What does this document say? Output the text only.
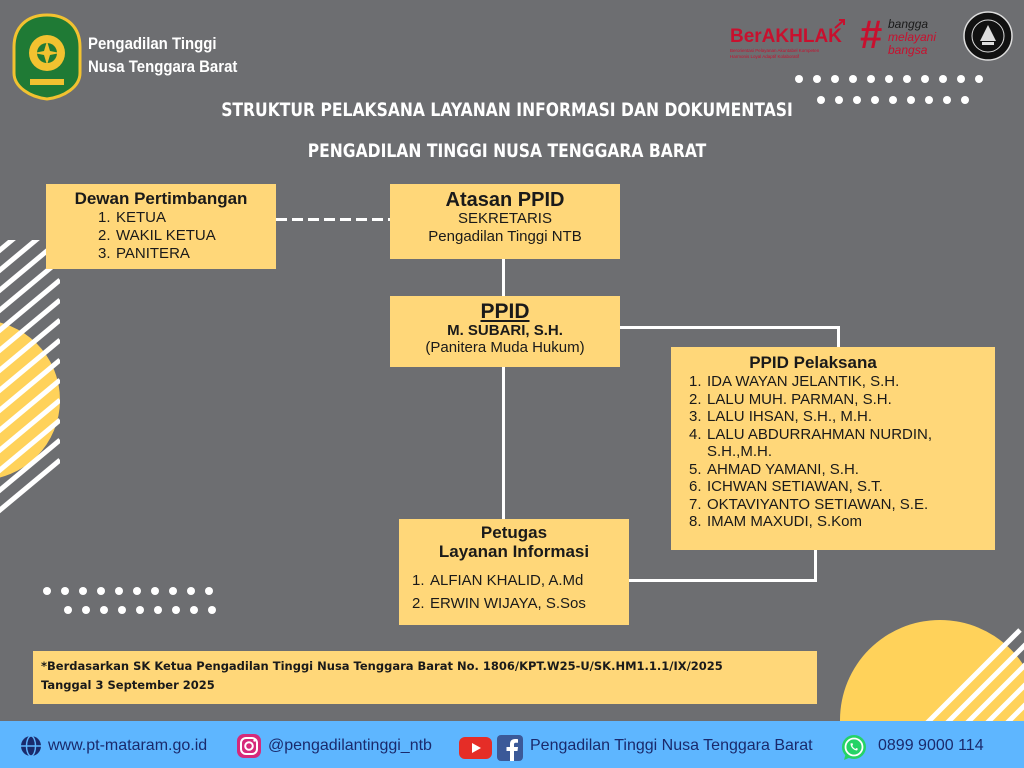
Pengadilan Tinggi
Nusa Tenggara Barat
BerAKHLAK
Berorientasi Pelayanan Akuntabel Kompeten Harmonis Loyal Adaptif Kolaboratif	# bangga
melayani
bangsa
STRUKTUR PELAKSANA LAYANAN INFORMASI DAN DOKUMENTASI
PENGADILAN TINGGI NUSA TENGGARA BARAT
Dewan Pertimbangan
1. KETUA
2. WAKIL KETUA
3. PANITERA
Atasan PPID
SEKRETARIS
Pengadilan Tinggi NTB
PPID
M. SUBARI, S.H.
(Panitera Muda Hukum)
PPID Pelaksana
1. IDA WAYAN JELANTIK, S.H.
2. LALU MUH. PARMAN, S.H.
3. LALU IHSAN, S.H., M.H.
4. LALU ABDURRAHMAN NURDIN, S.H.,M.H.
5. AHMAD YAMANI, S.H.
6. ICHWAN SETIAWAN, S.T.
7. OKTAVIYANTO SETIAWAN, S.E.
8. IMAM MAXUDI, S.Kom
Petugas
Layanan Informasi
1. ALFIAN KHALID, A.Md
2. ERWIN WIJAYA, S.Sos
*Berdasarkan SK Ketua Pengadilan Tinggi Nusa Tenggara Barat No. 1806/KPT.W25-U/SK.HM1.1.1/IX/2025
Tanggal 3 September 2025
www.pt-mataram.go.id	@pengadilantinggi_ntb	Pengadilan Tinggi Nusa Tenggara Barat	0899 9000 114
